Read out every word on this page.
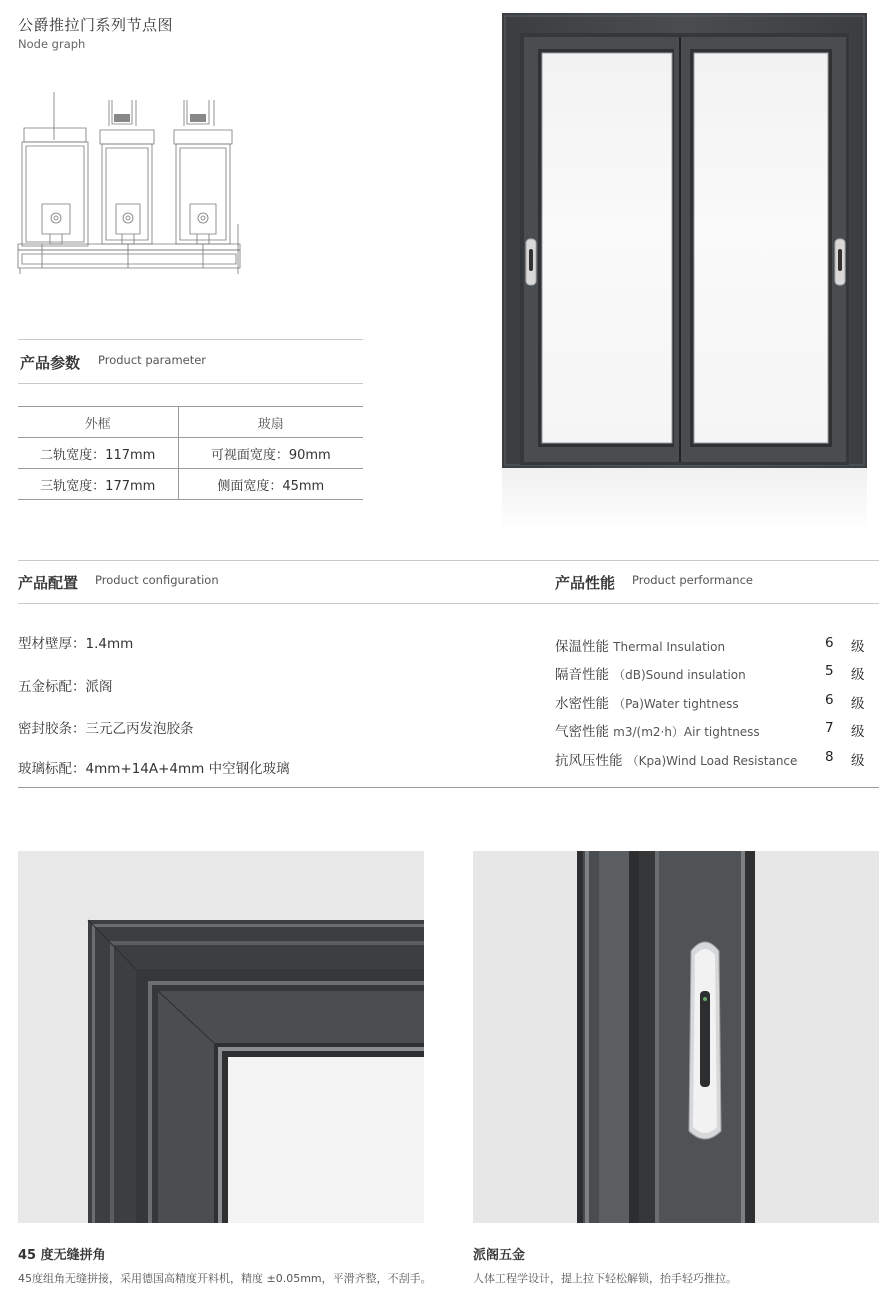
公爵推拉门系列节点图
Node graph
产品参数 Product parameter
外框	玻扇
二轨宽度：117mm	可视面宽度：90mm
三轨宽度：177mm	侧面宽度：45mm
产品配置 Product configuration	产品性能 Product performance
型材壁厚：1.4mm
五金标配：派阁
密封胶条：三元乙丙发泡胶条
玻璃标配：4mm+14A+4mm 中空钢化玻璃
保温性能 Thermal Insulation	6 级
隔音性能 （dB)Sound insulation	5 级
水密性能 （Pa)Water tightness	6 级
气密性能 m3/(m2·h）Air tightness	7 级
抗风压性能 （Kpa)Wind Load Resistance 8 级
45 度无缝拼角
45度组角无缝拼接，采用德国高精度开料机，精度 ±0.05mm，平滑齐整，不刮手。
派阁五金
人体工程学设计，提上拉下轻松解锁，抬手轻巧推拉。
